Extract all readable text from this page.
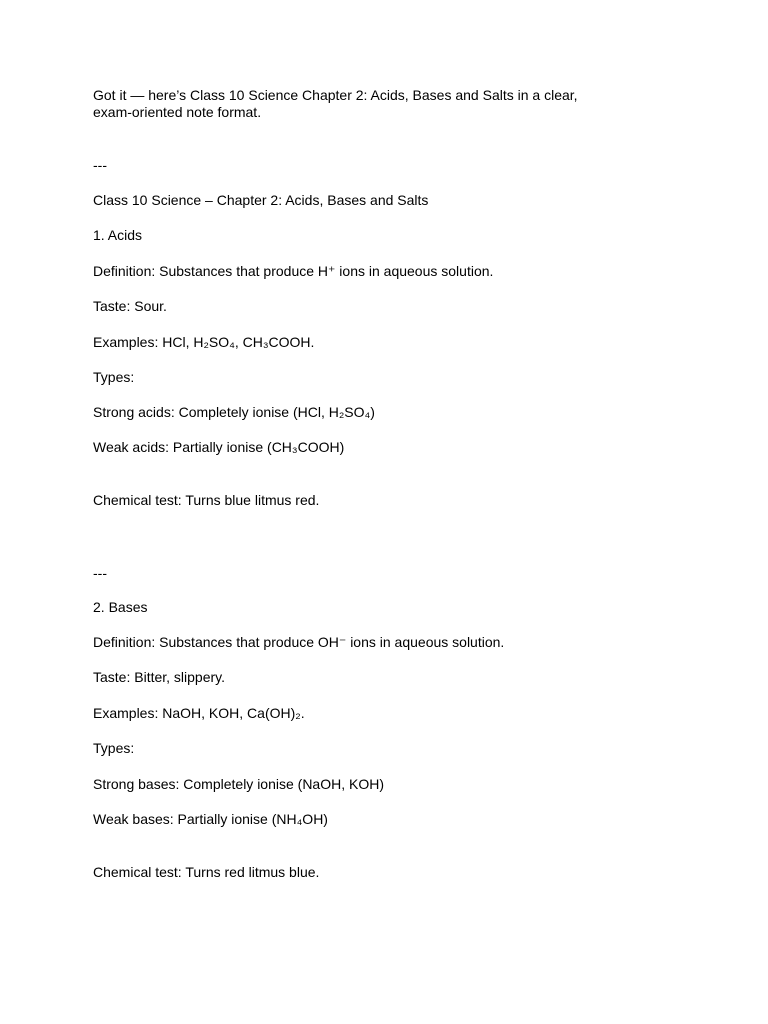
Got it — here’s Class 10 Science Chapter 2: Acids, Bases and Salts in a clear, exam-oriented note format.

---

Class 10 Science – Chapter 2: Acids, Bases and Salts

1. Acids

Definition: Substances that produce H⁺ ions in aqueous solution.

Taste: Sour.

Examples: HCl, H₂SO₄, CH₃COOH.

Types:

Strong acids: Completely ionise (HCl, H₂SO₄)

Weak acids: Partially ionise (CH₃COOH)

Chemical test: Turns blue litmus red.

---

2. Bases

Definition: Substances that produce OH⁻ ions in aqueous solution.

Taste: Bitter, slippery.

Examples: NaOH, KOH, Ca(OH)₂.

Types:

Strong bases: Completely ionise (NaOH, KOH)

Weak bases: Partially ionise (NH₄OH)

Chemical test: Turns red litmus blue.
